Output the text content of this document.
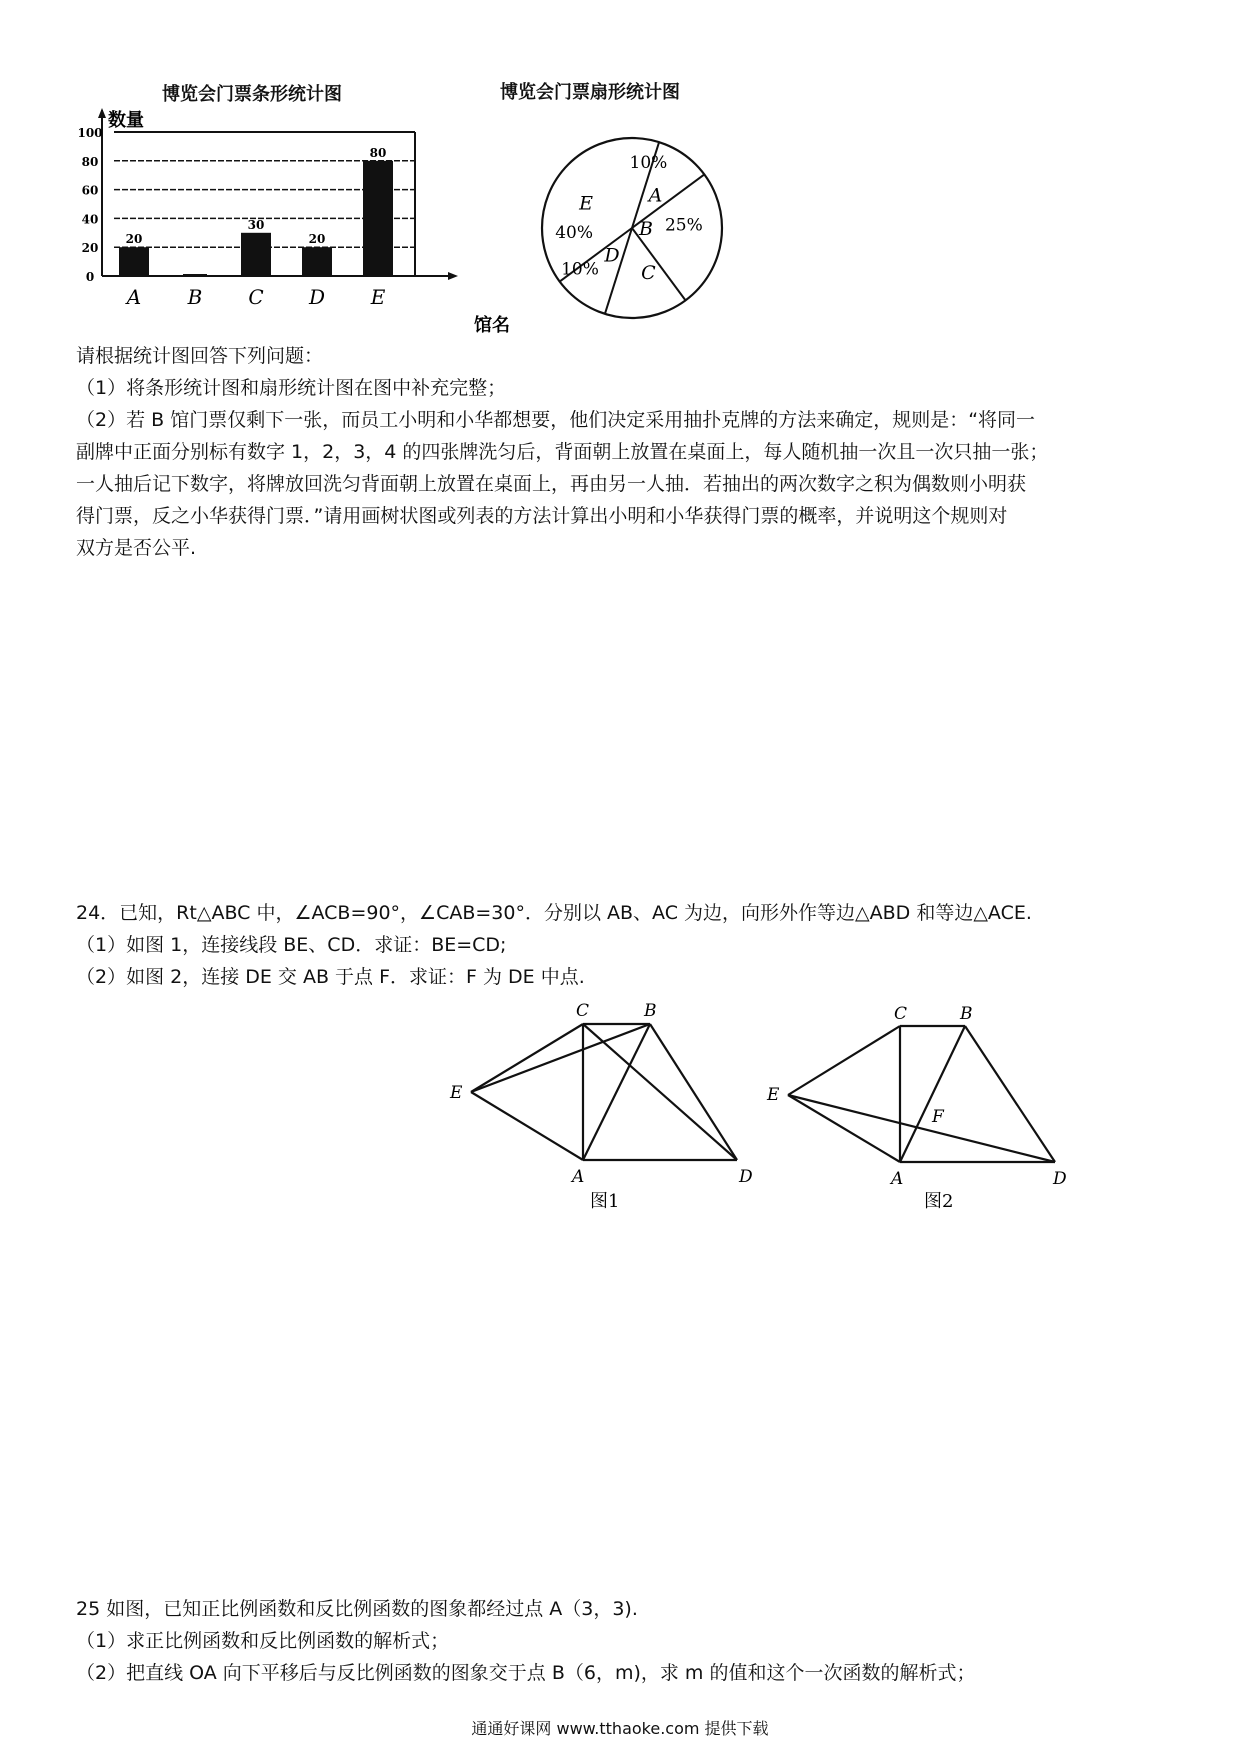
博览会门票条形统计图	博览会门票扇形统计图
0
20
40
60
80
100
A B C D E
20
30
20
80
数量
馆名
A
10%
B 25%
C
D
10%
E
40%
请根据统计图回答下列问题：
（1）将条形统计图和扇形统计图在图中补充完整；
（2）若 B 馆门票仅剩下一张，而员工小明和小华都想要，他们决定采用抽扑克牌的方法来确定，规则是：“将同一
副牌中正面分别标有数字 1，2，3，4 的四张牌洗匀后，背面朝上放置在桌面上，每人随机抽一次且一次只抽一张；
一人抽后记下数字，将牌放回洗匀背面朝上放置在桌面上，再由另一人抽．若抽出的两次数字之积为偶数则小明获
得门票，反之小华获得门票．”请用画树状图或列表的方法计算出小明和小华获得门票的概率，并说明这个规则对
双方是否公平.
24．已知，Rt△ABC 中，∠ACB=90°，∠CAB=30°．分别以 AB、AC 为边，向形外作等边△ABD 和等边△ACE.
（1）如图 1，连接线段 BE、CD．求证：BE=CD;
（2）如图 2，连接 DE 交 AB 于点 F．求证：F 为 DE 中点.
C	B
E
A	D
图1
C	B
E
A	D
F
图2
25 如图，已知正比例函数和反比例函数的图象都经过点 A（3，3).
（1）求正比例函数和反比例函数的解析式；
（2）把直线 OA 向下平移后与反比例函数的图象交于点 B（6，m)，求 m 的值和这个一次函数的解析式；
通通好课网 www.tthaoke.com 提供下载
